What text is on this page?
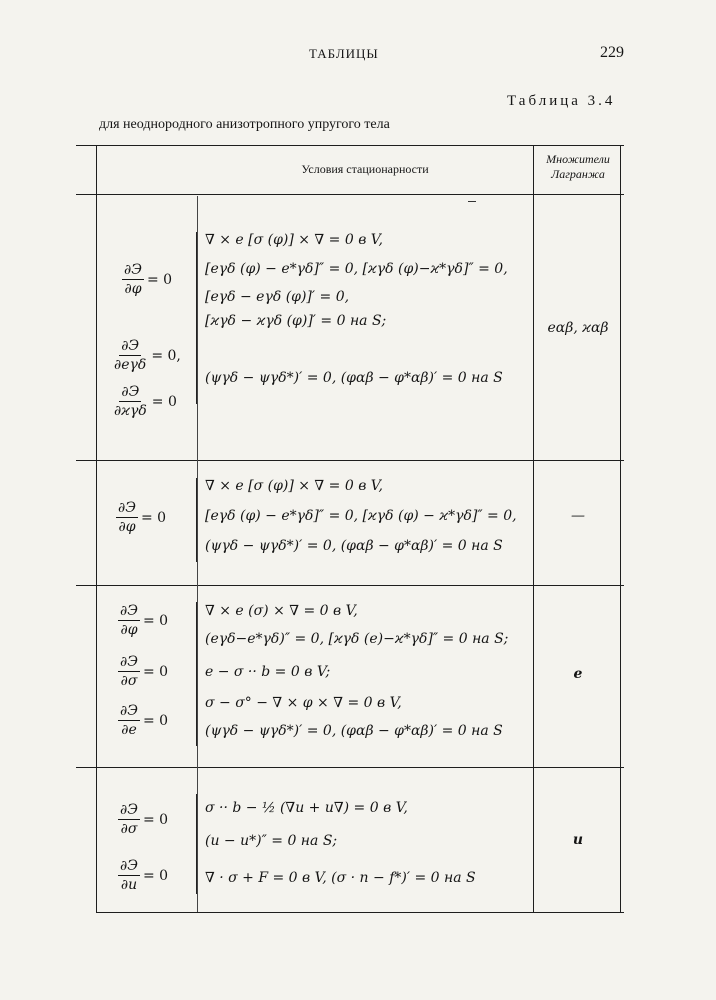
ТАБЛИЦЫ	229
Таблица 3.4
для неоднородного анизотропного упругого тела
Условия стационарности
Множители Лагранжа
$\frac{\partial Э}{\partial\varphi} = 0$
$\frac{\partial Э}{\text{∂eγδ}} = 0$,
$\frac{\partial Э}{\text{∂ϰγδ}} = 0$
∇ × e [σ (φ)] × ∇ = 0 в V,
[eγδ (φ) − e*γδ]″ = 0, [ϰγδ (φ)−ϰ*γδ]″ = 0,
[eγδ − eγδ (φ)]′ = 0,
[ϰγδ − ϰγδ (φ)]′ = 0 на S;
(ψγδ − ψγδ*)′ = 0, (φαβ − φ*αβ)′ = 0 на S
eαβ, ϰαβ
$\frac{\partial Э}{\partial\varphi} = 0$
∇ × e [σ (φ)] × ∇ = 0 в V,
[eγδ (φ) − e*γδ]″ = 0, [ϰγδ (φ) − ϰ*γδ]″ = 0,
(ψγδ − ψγδ*)′ = 0, (φαβ − φ*αβ)′ = 0 на S
—
$\frac{\partial Э}{\partial\varphi} = 0$
$\frac{\partial Э}{\partial\sigma} = 0$
$\frac{\partial Э}{\partial e} = 0$
∇ × e (σ) × ∇ = 0 в V,
(eγδ−e*γδ)″ = 0, [ϰγδ (e)−ϰ*γδ]″ = 0 на S;
e − σ ·· b = 0 в V;
σ − σ° − ∇ × φ × ∇ = 0 в V,
(ψγδ − ψγδ*)′ = 0, (φαβ − φ*αβ)′ = 0 на S
e
$\frac{\partial Э}{\partial\sigma} = 0$
$\frac{\partial Э}{\partial u} = 0$
σ ·· b − ½ (∇u + u∇) = 0 в V,
(u − u*)″ = 0 на S;
∇ · σ + F = 0 в V, (σ · n − f*)′ = 0 на S
u
